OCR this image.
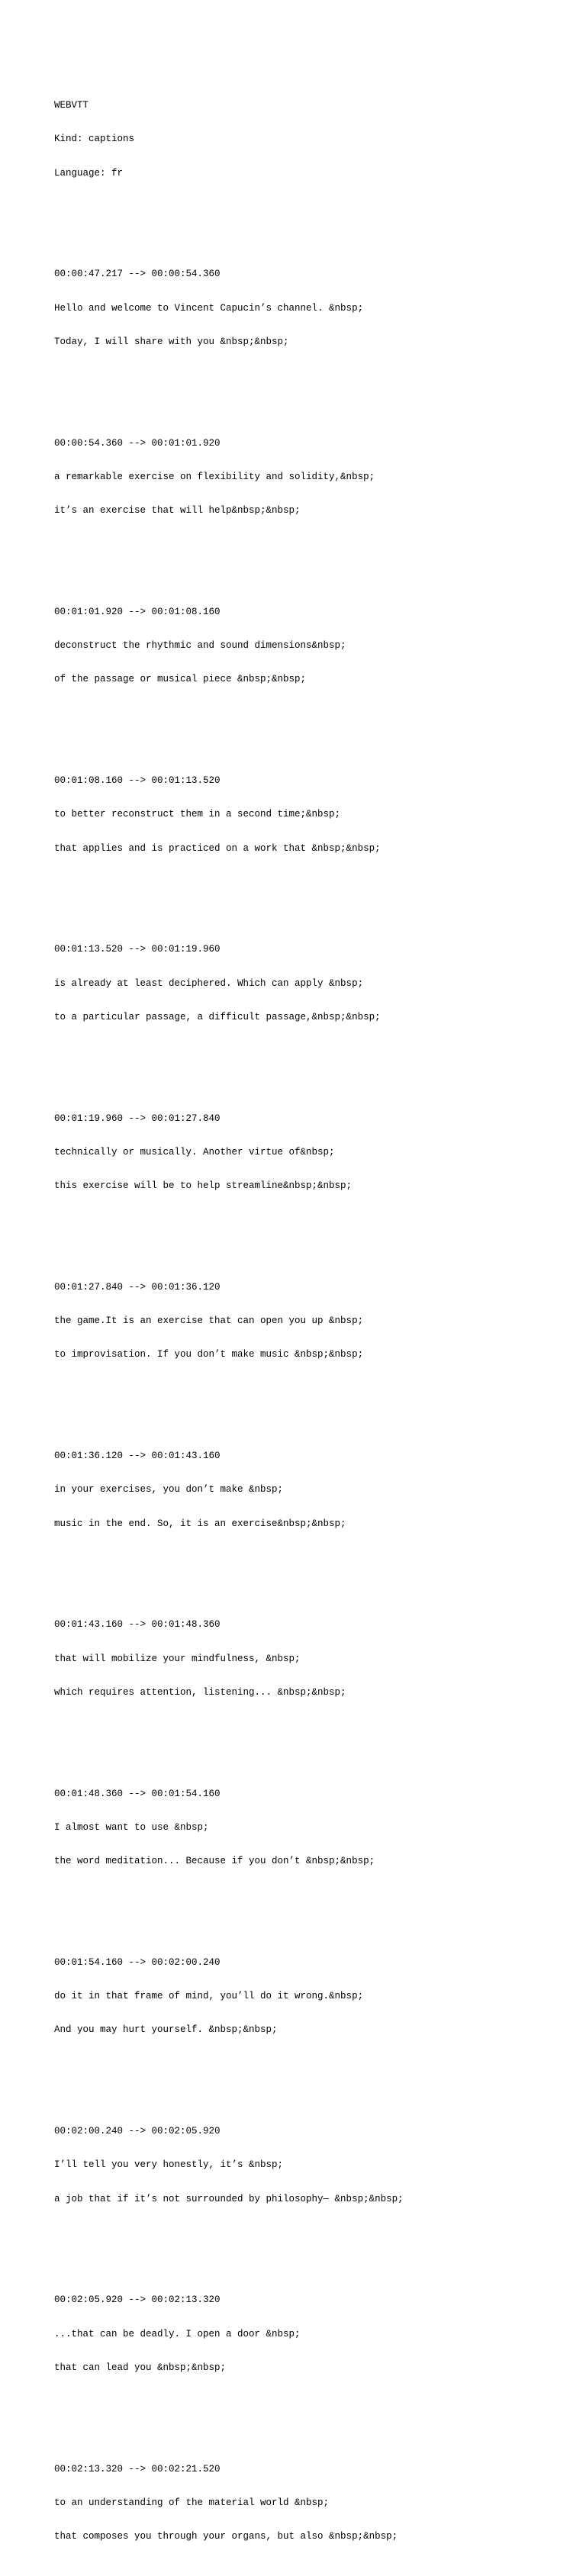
WEBVTT

Kind: captions

Language: fr

00:00:47.217 --> 00:00:54.360

Hello and welcome to Vincent Capucin’s channel. &nbsp;

Today, I will share with you &nbsp;&nbsp;

00:00:54.360 --> 00:01:01.920

a remarkable exercise on flexibility and solidity,&nbsp;

it’s an exercise that will help&nbsp;&nbsp;

00:01:01.920 --> 00:01:08.160

deconstruct the rhythmic and sound dimensions&nbsp;

of the passage or musical piece &nbsp;&nbsp;

00:01:08.160 --> 00:01:13.520

to better reconstruct them in a second time;&nbsp;

that applies and is practiced on a work that &nbsp;&nbsp;

00:01:13.520 --> 00:01:19.960

is already at least deciphered. Which can apply &nbsp;

to a particular passage, a difficult passage,&nbsp;&nbsp;

00:01:19.960 --> 00:01:27.840

technically or musically. Another virtue of&nbsp;

this exercise will be to help streamline&nbsp;&nbsp;

00:01:27.840 --> 00:01:36.120

the game.It is an exercise that can open you up &nbsp;

to improvisation. If you don’t make music &nbsp;&nbsp;

00:01:36.120 --> 00:01:43.160

in your exercises, you don’t make &nbsp;

music in the end. So, it is an exercise&nbsp;&nbsp;

00:01:43.160 --> 00:01:48.360

that will mobilize your mindfulness, &nbsp;

which requires attention, listening... &nbsp;&nbsp;

00:01:48.360 --> 00:01:54.160

I almost want to use &nbsp;

the word meditation... Because if you don’t &nbsp;&nbsp;

00:01:54.160 --> 00:02:00.240

do it in that frame of mind, you’ll do it wrong.&nbsp;

And you may hurt yourself. &nbsp;&nbsp;

00:02:00.240 --> 00:02:05.920

I’ll tell you very honestly, it’s &nbsp;

a job that if it’s not surrounded by philosophy— &nbsp;&nbsp;

00:02:05.920 --> 00:02:13.320

...that can be deadly. I open a door &nbsp;

that can lead you &nbsp;&nbsp;

00:02:13.320 --> 00:02:21.520

to an understanding of the material world &nbsp;

that composes you through your organs, but also &nbsp;&nbsp;
